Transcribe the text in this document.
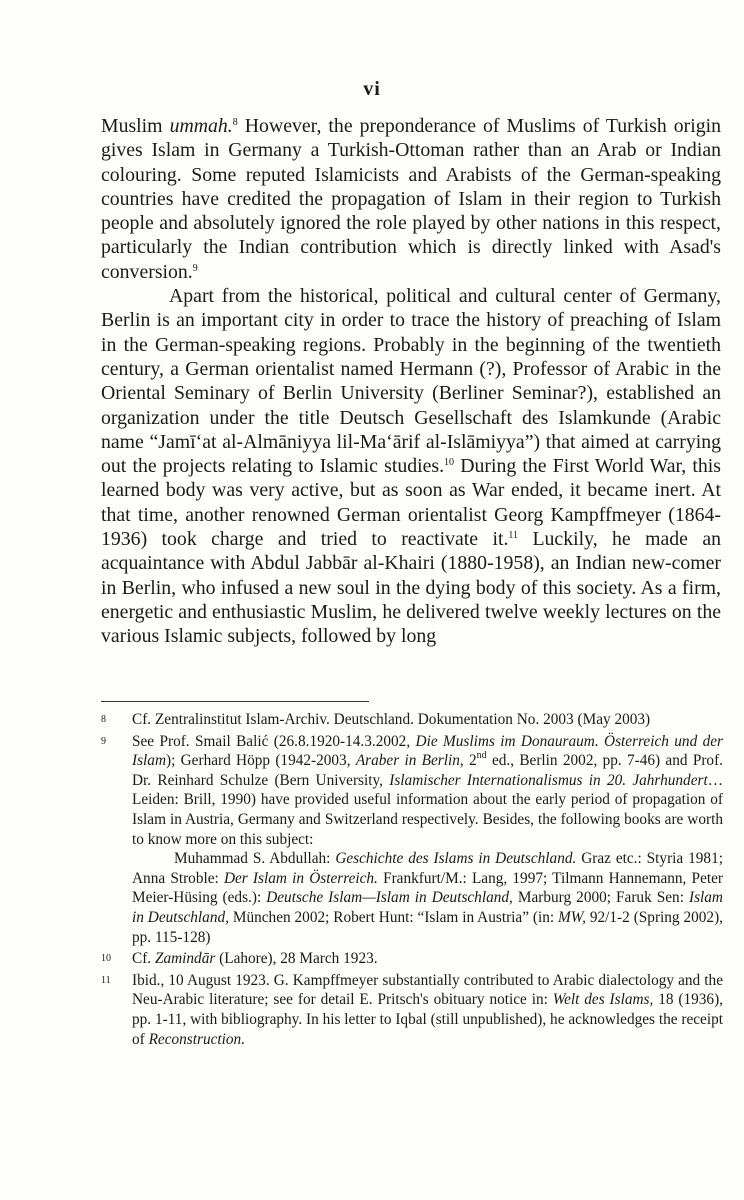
vi

Muslim ummah.$^8$ However, the preponderance of Muslims of Turkish origin gives Islam in Germany a Turkish-Ottoman rather than an Arab or Indian colouring. Some reputed Islamicists and Arabists of the German-speaking countries have credited the propagation of Islam in their region to Turkish people and absolutely ignored the role played by other nations in this respect, particularly the Indian contribution which is directly linked with Asad's conversion.$^9$

Apart from the historical, political and cultural center of Germany, Berlin is an important city in order to trace the history of preaching of Islam in the German-speaking regions. Probably in the beginning of the twentieth century, a German orientalist named Hermann (?), Professor of Arabic in the Oriental Seminary of Berlin University (Berliner Seminar?), established an organization under the title Deutsch Gesellschaft des Islamkunde (Arabic name “Jamī‘at al-Almāniyya lil-Ma‘ārif al-Islāmiyya”) that aimed at carrying out the projects relating to Islamic studies.$^{10}$ During the First World War, this learned body was very active, but as soon as War ended, it became inert. At that time, another renowned German orientalist Georg Kampffmeyer (1864-1936) took charge and tried to reactivate it.$^{11}$ Luckily, he made an acquaintance with Abdul Jabbār al-Khairi (1880-1958), an Indian new-comer in Berlin, who infused a new soul in the dying body of this society. As a firm, energetic and enthusiastic Muslim, he delivered twelve weekly lectures on the various Islamic subjects, followed by long

8 Cf. Zentralinstitut Islam-Archiv. Deutschland. Dokumentation No. 2003 (May 2003)

9 See Prof. Smail Balić (26.8.1920-14.3.2002, Die Muslims im Donauraum. Österreich und der Islam); Gerhard Höpp (1942-2003, Araber in Berlin, 2nd ed., Berlin 2002, pp. 7-46) and Prof. Dr. Reinhard Schulze (Bern University, Islamischer Internationalismus in 20. Jahrhundert…Leiden: Brill, 1990) have provided useful information about the early period of propagation of Islam in Austria, Germany and Switzerland respectively. Besides, the following books are worth to know more on this subject:

Muhammad S. Abdullah: Geschichte des Islams in Deutschland. Graz etc.: Styria 1981; Anna Stroble: Der Islam in Österreich. Frankfurt/M.: Lang, 1997; Tilmann Hannemann, Peter Meier-Hüsing (eds.): Deutsche Islam—Islam in Deutschland, Marburg 2000; Faruk Sen: Islam in Deutschland, München 2002; Robert Hunt: “Islam in Austria” (in: MW, 92/1-2 (Spring 2002), pp. 115-128)

10 Cf. Zamindār (Lahore), 28 March 1923.

11 Ibid., 10 August 1923. G. Kampffmeyer substantially contributed to Arabic dialectology and the Neu-Arabic literature; see for detail E. Pritsch's obituary notice in: Welt des Islams, 18 (1936), pp. 1-11, with bibliography. In his letter to Iqbal (still unpublished), he acknowledges the receipt of Reconstruction.
